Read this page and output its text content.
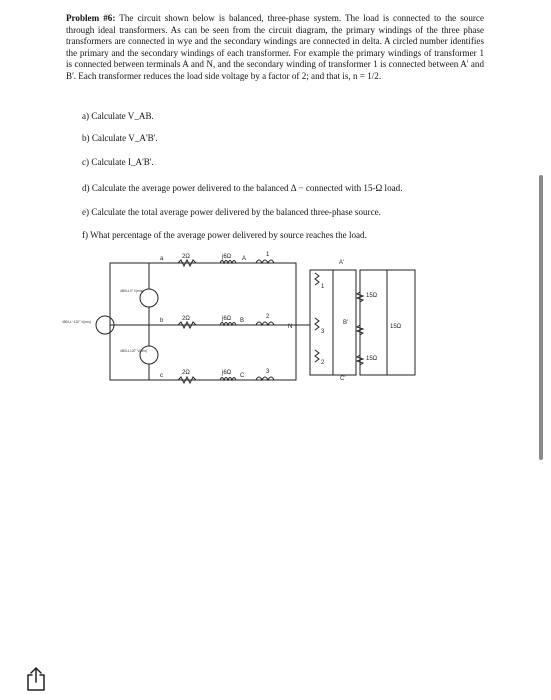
Problem #6: The circuit shown below is balanced, three-phase system. The load is connected to the source through ideal transformers. As can be seen from the circuit diagram, the primary windings of the three phase transformers are connected in wye and the secondary windings are connected in delta. A circled number identifies the primary and the secondary windings of each transformer. For example the primary windings of transformer 1 is connected between terminals A and N, and the secondary winding of transformer 1 is connected between A' and B'. Each transformer reduces the load side voltage by a factor of 2; and that is, n = 1/2.
a) Calculate V_AB.
b) Calculate V_A'B'.
c) Calculate I_A'B'.
d) Calculate the average power delivered to the balanced Δ − connected with 15-Ω load.
e) Calculate the total average power delivered by the balanced three-phase source.
f) What percentage of the average power delivered by source reaches the load.
a
b
c
2Ω
2Ω
2Ω
j6Ω
j6Ω
j6Ω
A
B
C
1
2
3
N
A'
B'
C'
15Ω
15Ω
15Ω
1
3
2
4800∠−120° V(rms)
4800∠0° V(rms)
4800∠120° V(rms)
